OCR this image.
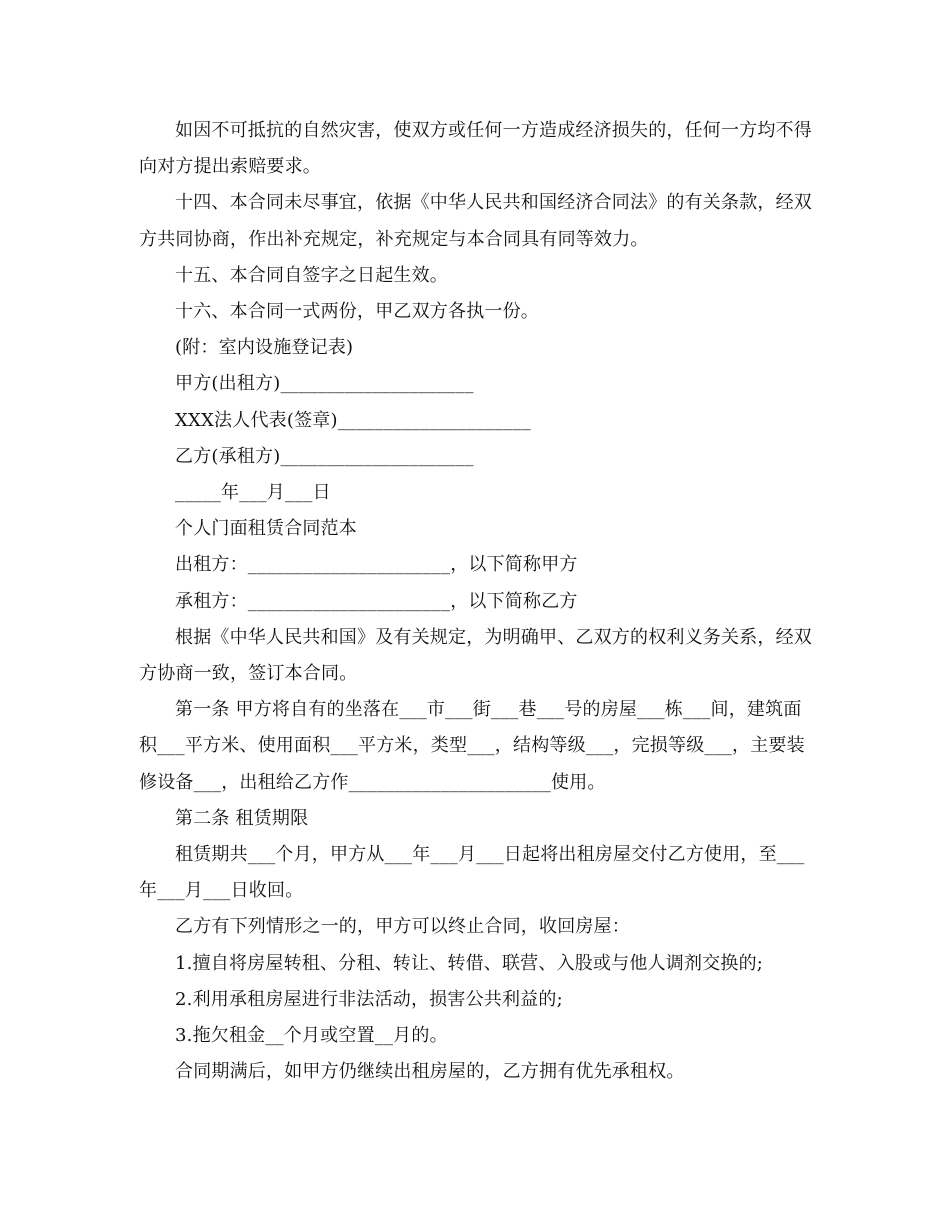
如因不可抵抗的自然灾害，使双方或任何一方造成经济损失的，任何一方均不得向对方提出索赔要求。

十四、本合同未尽事宜，依据《中华人民共和国经济合同法》的有关条款，经双方共同协商，作出补充规定，补充规定与本合同具有同等效力。

十五、本合同自签字之日起生效。

十六、本合同一式两份，甲乙双方各执一份。

(附：室内设施登记表)

甲方(出租方)_____________________

XXX法人代表(签章)_____________________

乙方(承租方)_____________________

_____年___月___日

个人门面租赁合同范本

出租方：______________________，以下简称甲方

承租方：______________________，以下简称乙方

根据《中华人民共和国》及有关规定，为明确甲、乙双方的权利义务关系，经双方协商一致，签订本合同。

第一条 甲方将自有的坐落在___市___街___巷___号的房屋___栋___间，建筑面积___平方米、使用面积___平方米，类型___，结构等级___，完损等级___，主要装修设备___，出租给乙方作______________________使用。

第二条 租赁期限

租赁期共___个月，甲方从___年___月___日起将出租房屋交付乙方使用，至___年___月___日收回。

乙方有下列情形之一的，甲方可以终止合同，收回房屋：

1.擅自将房屋转租、分租、转让、转借、联营、入股或与他人调剂交换的;

2.利用承租房屋进行非法活动，损害公共利益的;

3.拖欠租金__个月或空置__月的。

合同期满后，如甲方仍继续出租房屋的，乙方拥有优先承租权。
